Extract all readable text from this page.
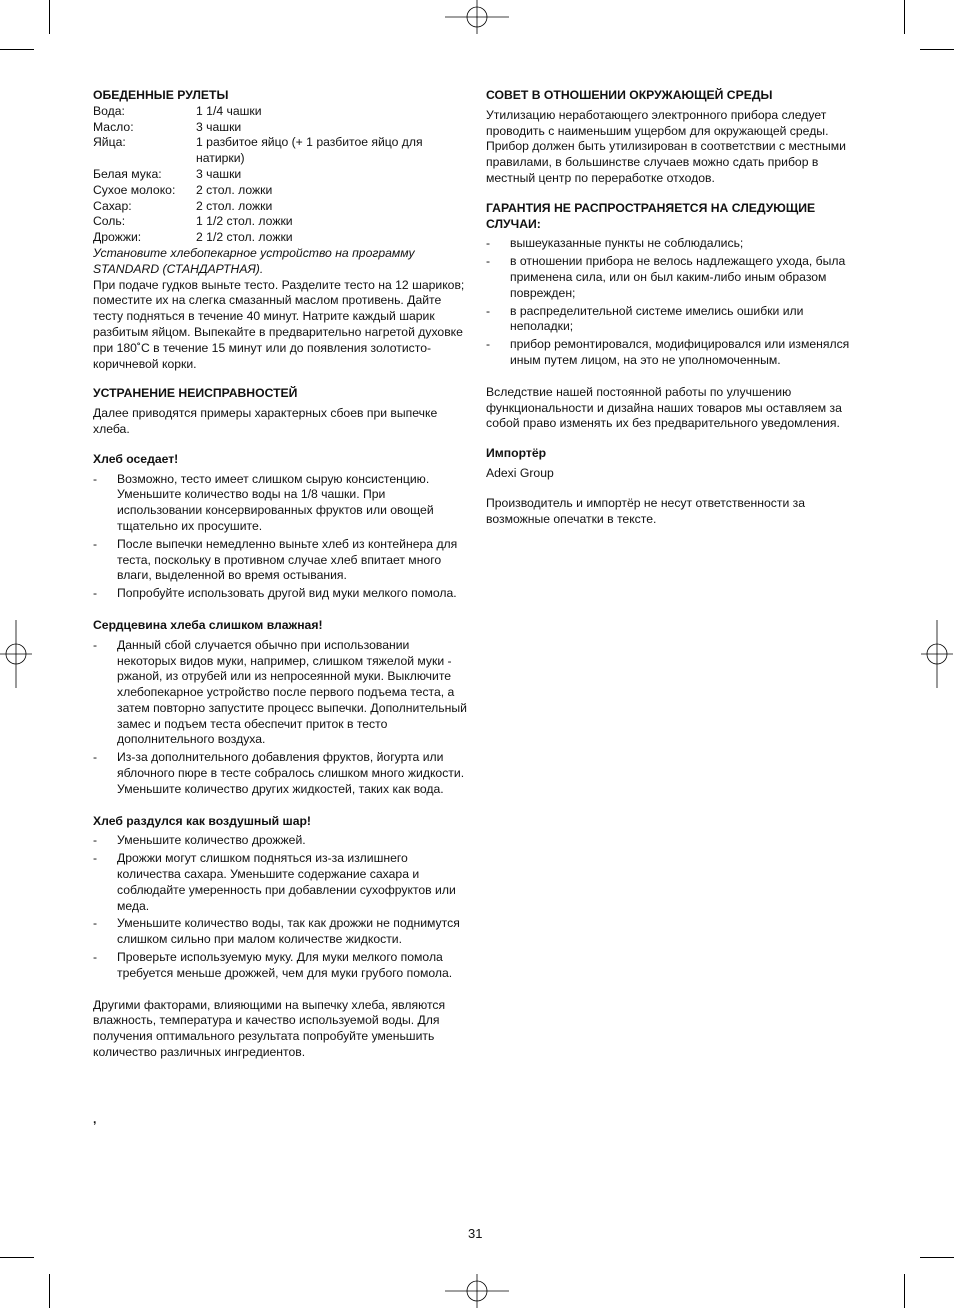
ОБЕДЕННЫЕ РУЛЕТЫ
Вода:	1 1/4 чашки
Масло:	3 чашки
Яйца:	1 разбитое яйцо (+ 1 разбитое яйцо для натирки)
Белая мука:	3 чашки
Сухое молоко:	2 стол. ложки
Сахар:	2 стол. ложки
Соль:	1 1/2 стол. ложки
Дрожжи:	2 1/2 стол. ложки

Установите хлебопекарное устройство на программу STANDARD (СТАНДАРТНАЯ).

При подаче гудков выньте тесто. Разделите тесто на 12 шариков; поместите их на слегка смазанный маслом противень. Дайте тесту подняться в течение 40 минут. Натрите каждый шарик разбитым яйцом. Выпекайте в предварительно нагретой духовке при 180˚C в течение 15 минут или до появления золотисто-коричневой корки.

УСТРАНЕНИЕ НЕИСПРАВНОСТЕЙ

Далее приводятся примеры характерных сбоев при выпечке хлеба.

Хлеб оседает!
- Возможно, тесто имеет слишком сырую консистенцию. Уменьшите количество воды на 1/8 чашки. При использовании консервированных фруктов или овощей тщательно их просушите.
- После выпечки немедленно выньте хлеб из контейнера для теста, поскольку в противном случае хлеб впитает много влаги, выделенной во время остывания.
- Попробуйте использовать другой вид муки мелкого помола.
Сердцевина хлеба слишком влажная!
- Данный сбой случается обычно при использовании некоторых видов муки, например, слишком тяжелой муки - ржаной, из отрубей или из непросеянной муки. Выключите хлебопекарное устройство после первого подъема теста, а затем повторно запустите процесс выпечки. Дополнительный замес и подъем теста обеспечит приток в тесто дополнительного воздуха.
- Из-за дополнительного добавления фруктов, йогурта или яблочного пюре в тесте собралось слишком много жидкости. Уменьшите количество других жидкостей, таких как вода.
Хлеб раздулся как воздушный шар!
- Уменьшите количество дрожжей.
- Дрожжи могут слишком подняться из-за излишнего количества сахара. Уменьшите содержание сахара и соблюдайте умеренность при добавлении сухофруктов или меда.
- Уменьшите количество воды, так как дрожжи не поднимутся слишком сильно при малом количестве жидкости.
- Проверьте используемую муку. Для муки мелкого помола требуется меньше дрожжей, чем для муки грубого помола.

Другими факторами, влияющими на выпечку хлеба, являются влажность, температура и качество используемой воды. Для получения оптимального результата попробуйте уменьшить количество различных ингредиентов.

,
СОВЕТ В ОТНОШЕНИИ ОКРУЖАЮЩЕЙ СРЕДЫ

Утилизацию неработающего электронного прибора следует проводить с наименьшим ущербом для окружающей среды. Прибор должен быть утилизирован в соответствии с местными правилами, в большинстве случаев можно сдать прибор в местный центр по переработке отходов.

ГАРАНТИЯ НЕ РАСПРОСТРАНЯЕТСЯ НА СЛЕДУЮЩИЕ СЛУЧАИ:
- вышеуказанные пункты не соблюдались;
- в отношении прибора не велось надлежащего ухода, была применена сила, или он был каким-либо иным образом поврежден;
- в распределительной системе имелись ошибки или неполадки;
- прибор ремонтировался, модифицировался или изменялся иным путем лицом, на это не уполномоченным.

Вследствие нашей постоянной работы по улучшению функциональности и дизайна наших товаров мы оставляем за собой право изменять их без предварительного уведомления.

Импортёр

Adexi Group

Производитель и импортёр не несут ответственности за возможные опечатки в тексте.

31
